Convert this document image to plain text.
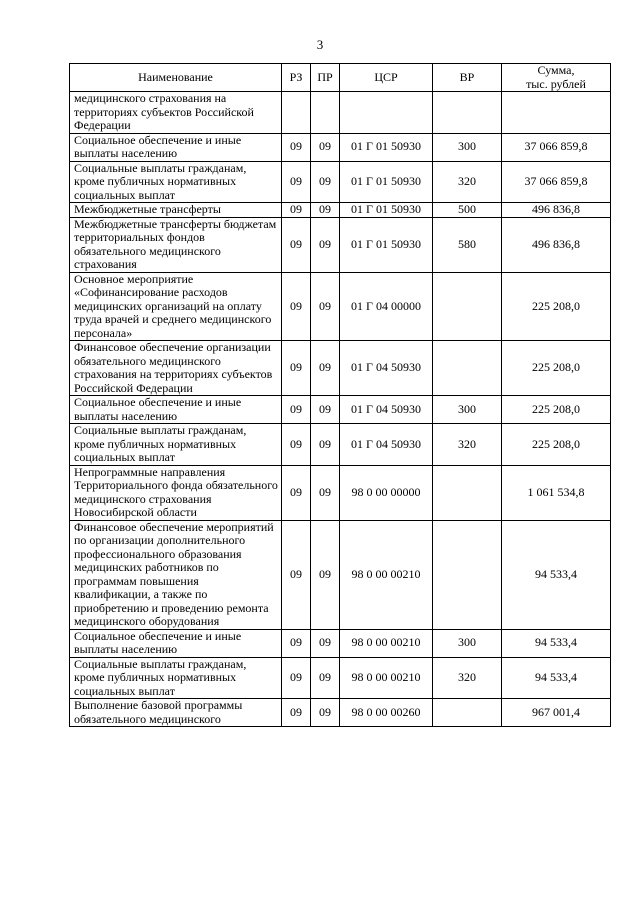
3
Наименование	РЗ	ПР	ЦСР	ВР	Сумма,
тыс. рублей
медицинского страхования на территориях субъектов Российской Федерации					
Социальное обеспечение и иные выплаты населению	09	09	01 Г 01 50930	300	37 066 859,8
Социальные выплаты гражданам, кроме публичных нормативных социальных выплат	09	09	01 Г 01 50930	320	37 066 859,8
Межбюджетные трансферты	09	09	01 Г 01 50930	500	496 836,8
Межбюджетные трансферты бюджетам территориальных фондов обязательного медицинского страхования	09	09	01 Г 01 50930	580	496 836,8
Основное мероприятие «Софинансирование расходов медицинских организаций на оплату труда врачей и среднего медицинского персонала»	09	09	01 Г 04 00000		225 208,0
Финансовое обеспечение организации обязательного медицинского страхования на территориях субъектов Российской Федерации	09	09	01 Г 04 50930		225 208,0
Социальное обеспечение и иные выплаты населению	09	09	01 Г 04 50930	300	225 208,0
Социальные выплаты гражданам, кроме публичных нормативных социальных выплат	09	09	01 Г 04 50930	320	225 208,0
Непрограммные направления Территориального фонда обязательного медицинского страхования Новосибирской области	09	09	98 0 00 00000		1 061 534,8
Финансовое обеспечение мероприятий по организации дополнительного профессионального образования медицинских работников по программам повышения квалификации, а также по приобретению и проведению ремонта медицинского оборудования	09	09	98 0 00 00210		94 533,4
Социальное обеспечение и иные выплаты населению	09	09	98 0 00 00210	300	94 533,4
Социальные выплаты гражданам, кроме публичных нормативных социальных выплат	09	09	98 0 00 00210	320	94 533,4
Выполнение базовой программы обязательного медицинского	09	09	98 0 00 00260		967 001,4
